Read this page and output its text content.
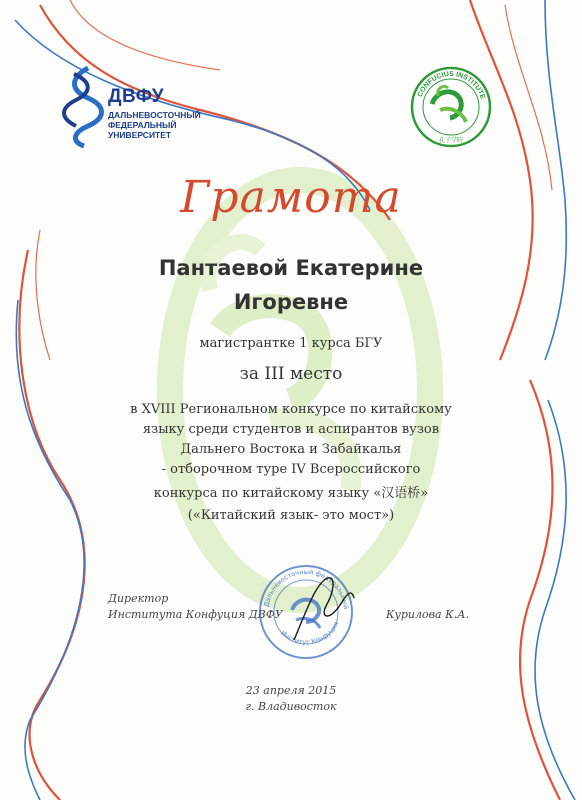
ДВФУ
ДАЛЬНЕВОСТОЧНЫЙ
ФЕДЕРАЛЬНЫЙ
УНИВЕРСИТЕТ
CONFUCIUS INSTITUTE
孔子学院
Грамота
Пантаевой Екатерине
Игоревне
магистрантке 1 курса БГУ
за III место
в XVIII Региональном конкурсе по китайскому
языку среди студентов и аспирантов вузов
Дальнего Востока и Забайкалья
- отборочном туре IV Всероссийского
конкурса по китайскому языку «汉语桥»
(«Китайский язык- это мост»)
Директор
Института Конфуция ДВФУ	Курилова К.А.
Дальневосточный федеральный
Институт Конфуция
23 апреля 2015
г. Владивосток
